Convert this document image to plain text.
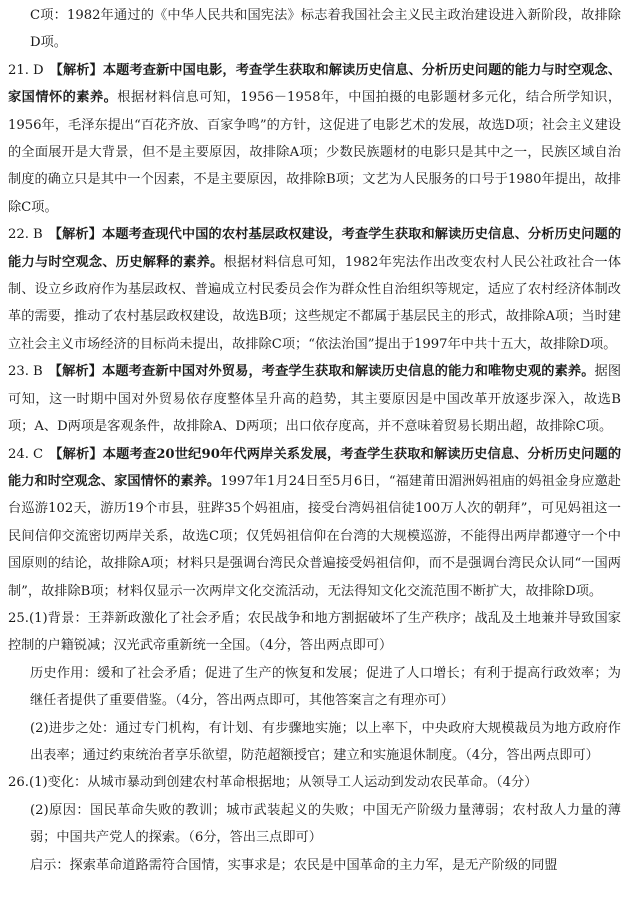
C项：1982年通过的《中华人民共和国宪法》标志着我国社会主义民主政治建设进入新阶段，故排除D项。

21. D 【解析】本题考查新中国电影，考查学生获取和解读历史信息、分析历史问题的能力与时空观念、家国情怀的素养。根据材料信息可知，1956－1958年，中国拍摄的电影题材多元化，结合所学知识，1956年，毛泽东提出“百花齐放、百家争鸣”的方针，这促进了电影艺术的发展，故选D项；社会主义建设的全面展开是大背景，但不是主要原因，故排除A项；少数民族题材的电影只是其中之一，民族区域自治制度的确立只是其中一个因素，不是主要原因，故排除B项；文艺为人民服务的口号于1980年提出，故排除C项。

22. B 【解析】本题考查现代中国的农村基层政权建设，考查学生获取和解读历史信息、分析历史问题的能力与时空观念、历史解释的素养。根据材料信息可知，1982年宪法作出改变农村人民公社政社合一体制、设立乡政府作为基层政权、普遍成立村民委员会作为群众性自治组织等规定，适应了农村经济体制改革的需要，推动了农村基层政权建设，故选B项；这些规定不都属于基层民主的形式，故排除A项；当时建立社会主义市场经济的目标尚未提出，故排除C项；“依法治国”提出于1997年中共十五大，故排除D项。

23. B 【解析】本题考查新中国对外贸易，考查学生获取和解读历史信息的能力和唯物史观的素养。据图可知，这一时期中国对外贸易依存度整体呈升高的趋势，其主要原因是中国改革开放逐步深入，故选B项；A、D两项是客观条件，故排除A、D两项；出口依存度高，并不意味着贸易长期出超，故排除C项。

24. C 【解析】本题考查20世纪90年代两岸关系发展，考查学生获取和解读历史信息、分析历史问题的能力和时空观念、家国情怀的素养。1997年1月24日至5月6日，“福建莆田湄洲妈祖庙的妈祖金身应邀赴台巡游102天，游历19个市县，驻跸35个妈祖庙，接受台湾妈祖信徒100万人次的朝拜”，可见妈祖这一民间信仰交流密切两岸关系，故选C项；仅凭妈祖信仰在台湾的大规模巡游，不能得出两岸都遵守一个中国原则的结论，故排除A项；材料只是强调台湾民众普遍接受妈祖信仰，而不是强调台湾民众认同“一国两制”，故排除B项；材料仅显示一次两岸文化交流活动，无法得知文化交流范围不断扩大，故排除D项。

25.(1)背景：王莽新政激化了社会矛盾；农民战争和地方割据破坏了生产秩序；战乱及土地兼并导致国家控制的户籍锐减；汉光武帝重新统一全国。（4分，答出两点即可）

历史作用：缓和了社会矛盾；促进了生产的恢复和发展；促进了人口增长；有利于提高行政效率；为继任者提供了重要借鉴。（4分，答出两点即可，其他答案言之有理亦可）

(2)进步之处：通过专门机构，有计划、有步骤地实施；以上率下，中央政府大规模裁员为地方政府作出表率；通过约束统治者享乐欲望，防范超额授官；建立和实施退休制度。（4分，答出两点即可）

26.(1)变化：从城市暴动到创建农村革命根据地；从领导工人运动到发动农民革命。（4分）

(2)原因：国民革命失败的教训；城市武装起义的失败；中国无产阶级力量薄弱；农村敌人力量的薄弱；中国共产党人的探索。（6分，答出三点即可）

启示：探索革命道路需符合国情，实事求是；农民是中国革命的主力军，是无产阶级的同盟
